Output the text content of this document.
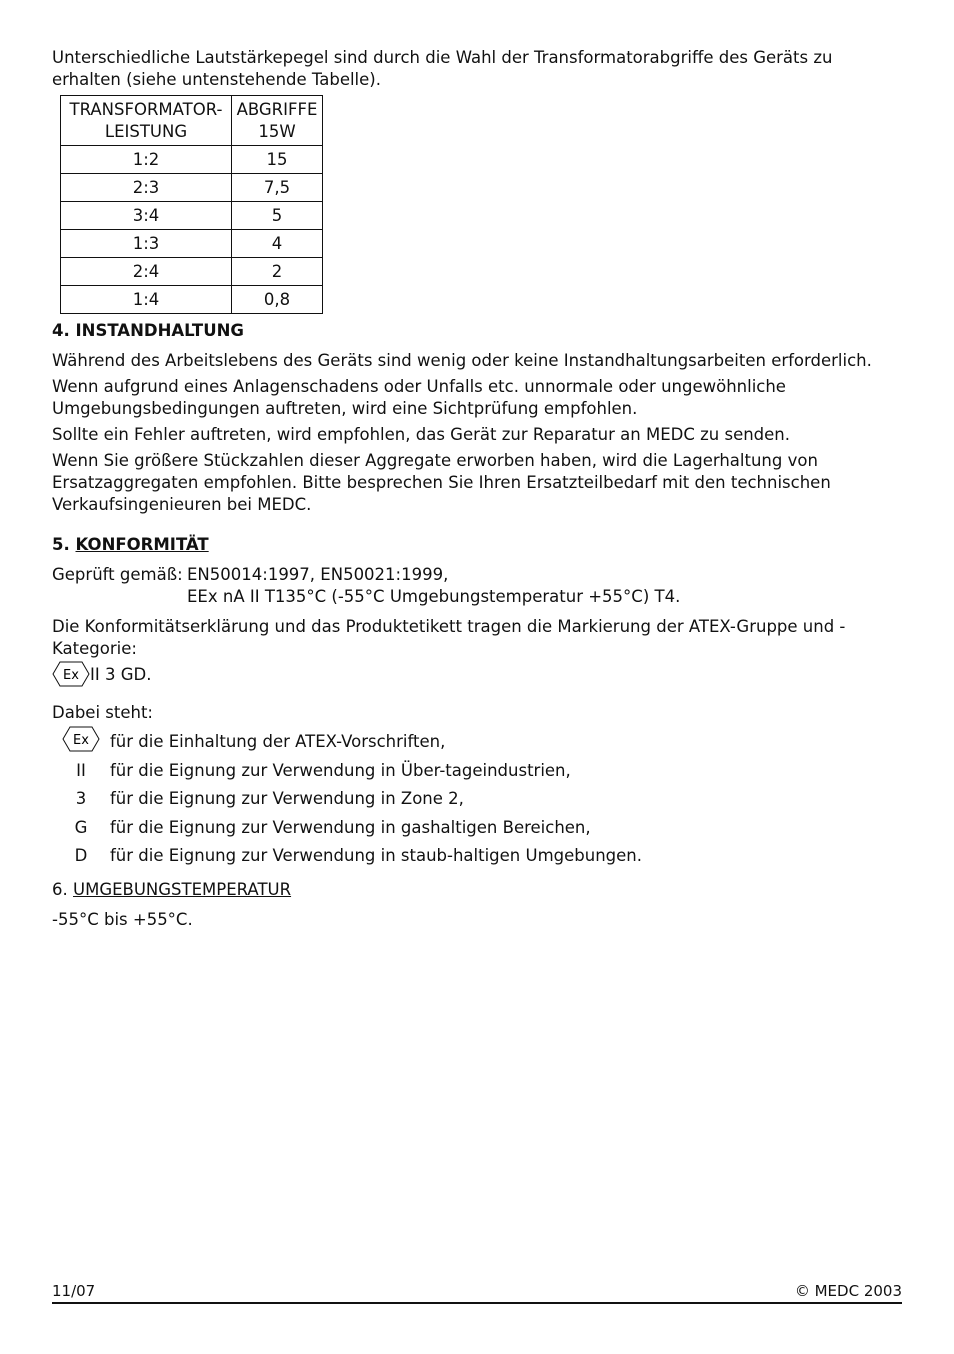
Unterschiedliche Lautstärkepegel sind durch die Wahl der Transformatorabgriffe des Geräts zu erhalten (siehe untenstehende Tabelle).

TRANSFORMATOR-
LEISTUNG	ABGRIFFE
15W
1:2	15
2:3	7,5
3:4	5
1:3	4
2:4	2
1:4	0,8
4. INSTANDHALTUNG

Während des Arbeitslebens des Geräts sind wenig oder keine Instandhaltungsarbeiten erforderlich.

Wenn aufgrund eines Anlagenschadens oder Unfalls etc. unnormale oder ungewöhnliche Umgebungsbedingungen auftreten, wird eine Sichtprüfung empfohlen.

Sollte ein Fehler auftreten, wird empfohlen, das Gerät zur Reparatur an MEDC zu senden.

Wenn Sie größere Stückzahlen dieser Aggregate erworben haben, wird die Lagerhaltung von Ersatzaggregaten empfohlen. Bitte besprechen Sie Ihren Ersatzteilbedarf mit den technischen Verkaufsingenieuren bei MEDC.

5. KONFORMITÄT
Geprüft gemäß: EN50014:1997, EN50021:1999,
EEx nA II T135°C (-55°C Umgebungstemperatur +55°C) T4.

Die Konformitätserklärung und das Produktetikett tragen die Markierung der ATEX-Gruppe und -Kategorie:

Ex II 3 GD.

Dabei steht:

Ex für die Einhaltung der ATEX-Vorschriften,
II	für die Eignung zur Verwendung in Über-tageindustrien,
3	für die Eignung zur Verwendung in Zone 2,
G	für die Eignung zur Verwendung in gashaltigen Bereichen,
D	für die Eignung zur Verwendung in staub-haltigen Umgebungen.
6. UMGEBUNGSTEMPERATUR

-55°C bis +55°C.

11/07	© MEDC 2003
